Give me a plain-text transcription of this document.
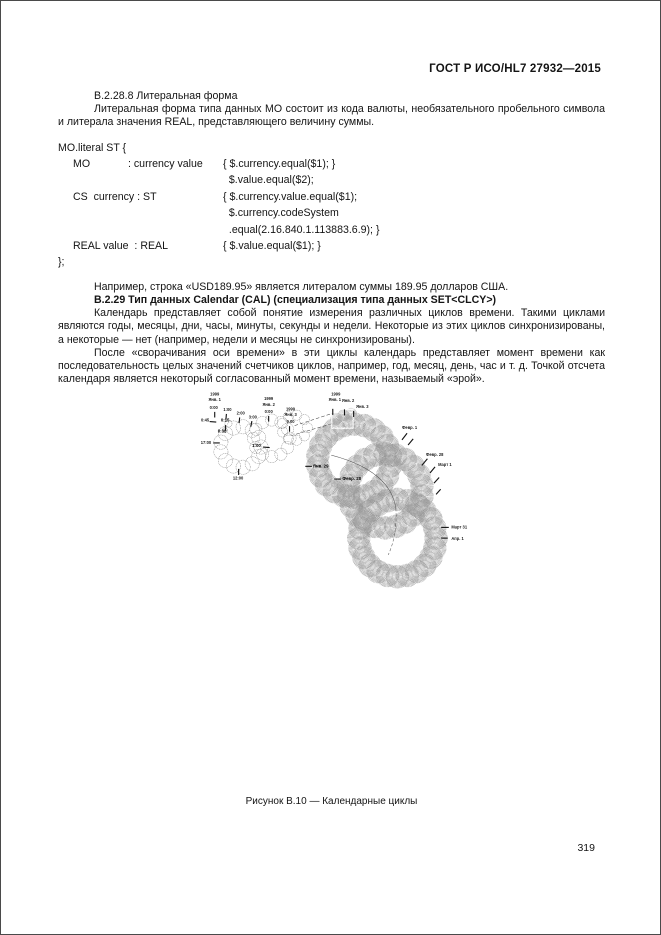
ГОСТ Р ИСО/HL7 27932—2015

В.2.28.8 Литеральная форма

Литеральная форма типа данных MO состоит из кода валюты, необязательного пробельного символа и литерала значения REAL, представляющего величину суммы.

MO.literal ST {
MO	: currency value	{ $.currency.equal($1); }
$.value.equal($2);
CS  currency : ST	{ $.currency.value.equal($1);
$.currency.codeSystem
.equal(2.16.840.1.113883.6.9); }
REAL value  : REAL	{ $.value.equal($1); }
};

Например, строка «USD189.95» является литералом суммы 189.95 долларов США.

В.2.29 Тип данных Calendar (CAL) (специализация типа данных SET<CLCY>)

Календарь представляет собой понятие измерения различных циклов времени. Такими циклами являются годы, месяцы, дни, часы, минуты, секунды и недели. Некоторые из этих циклов синхронизированы, а некоторые — нет (например, недели и месяцы не синхронизированы).

После «сворачивания оси времени» в эти циклы календарь представляет момент времени как последовательность целых значений счетчиков циклов, например, год, месяц, день, час и т. д. Точкой отсчета календаря является некоторый согласованный момент времени, называемый «эрой».

1999
Янв. 1
0:00 1:00
2:00
3:00
0:45 0:15
0:30
17:00
12:00
1999
Янв. 2
0:00
1999
Янв. 3
0.00
1:00
1999
Янв. 1 Янв. 2
Янв. 3
Февр. 1
Февр. 28
Март 1
Март 31
Апр. 1
Янв. 29
Февр. 28
Рисунок В.10 — Календарные циклы
319
